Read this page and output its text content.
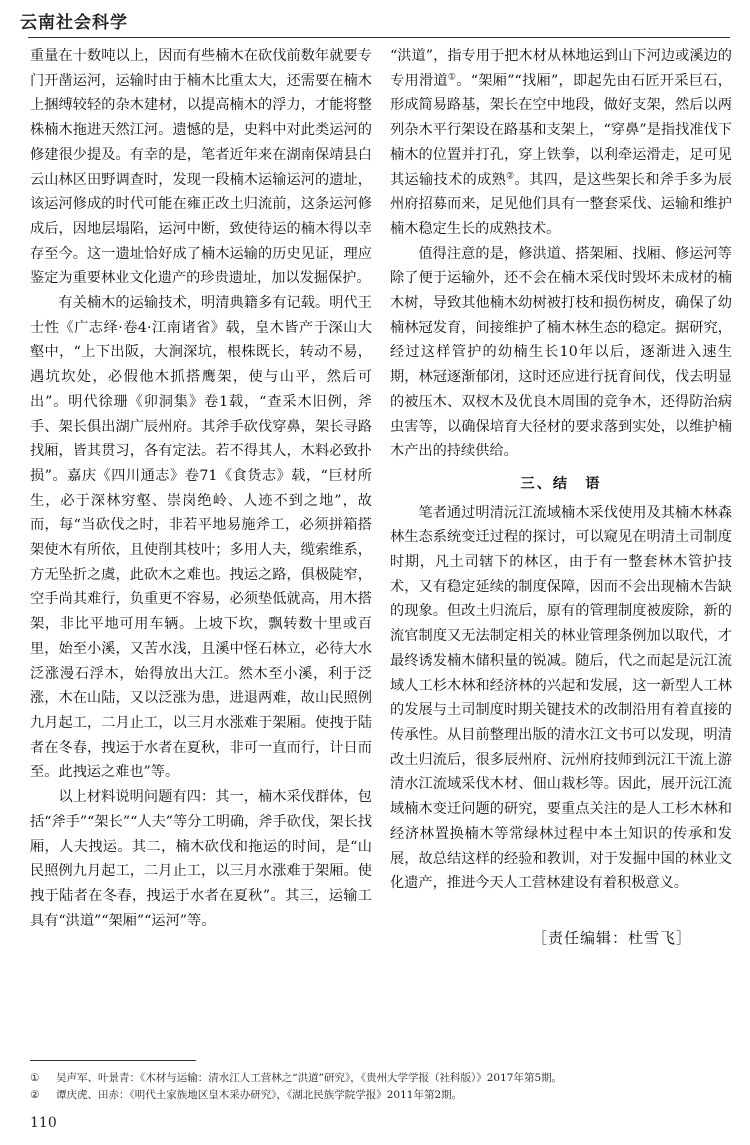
云南社会科学

重量在十数吨以上，因而有些楠木在砍伐前数年就要专门开凿运河，运输时由于楠木比重太大，还需要在楠木上捆缚较轻的杂木建材，以提高楠木的浮力，才能将整株楠木拖进天然江河。遗憾的是，史料中对此类运河的修建很少提及。有幸的是，笔者近年来在湖南保靖县白云山林区田野调查时，发现一段楠木运输运河的遗址，该运河修成的时代可能在雍正改土归流前，这条运河修成后，因地层塌陷，运河中断，致使待运的楠木得以幸存至今。这一遗址恰好成了楠木运输的历史见证，理应鉴定为重要林业文化遗产的珍贵遗址，加以发掘保护。

有关楠木的运输技术，明清典籍多有记载。明代王士性《广志绎·卷4·江南诸省》载，皇木皆产于深山大壑中，“上下出阪，大涧深坑，根株既长，转动不易，遇坑坎处，必假他木抓搭鹰架，使与山平，然后可出”。明代徐珊《卯洞集》卷1载，“查采木旧例，斧手、架长俱出湖广辰州府。其斧手砍伐穿鼻，架长寻路找厢，皆其贯习，各有定法。若不得其人，木料必致扑损”。嘉庆《四川通志》卷71《食货志》载，“巨材所生，必于深林穷壑、崇岗绝岭、人迹不到之地”，故而，每“当砍伐之时，非若平地易施斧工，必须拼箱搭架使木有所依，且使削其枝叶；多用人夫，缆索维系，方无坠折之虞，此砍木之难也。拽运之路，俱极陡窄，空手尚其难行，负重更不容易，必须垫低就高，用木搭架，非比平地可用车辆。上坡下坎，飘转数十里或百里，始至小溪，又苦水浅，且溪中怪石林立，必待大水泛涨漫石浮木，始得放出大江。然木至小溪，利于泛涨，木在山陆，又以泛涨为患，进退两难，故山民照例九月起工，二月止工，以三月水涨难于架厢。使拽于陆者在冬春，拽运于水者在夏秋，非可一直而行，计日而至。此拽运之难也”等。

以上材料说明问题有四：其一，楠木采伐群体，包括“斧手”“架长”“人夫”等分工明确，斧手砍伐，架长找厢，人夫拽运。其二，楠木砍伐和拖运的时间，是“山民照例九月起工，二月止工，以三月水涨难于架厢。使拽于陆者在冬春，拽运于水者在夏秋”。其三，运输工具有“洪道”“架厢”“运河”等。

“洪道”，指专用于把木材从林地运到山下河边或溪边的专用滑道①。“架厢”“找厢”，即起先由石匠开采巨石，形成简易路基，架长在空中地段，做好支架，然后以两列杂木平行架设在路基和支架上，“穿鼻”是指找准伐下楠木的位置并打孔，穿上铁拳，以利牵运滑走，足可见其运输技术的成熟②。其四，是这些架长和斧手多为辰州府招募而来，足见他们具有一整套采伐、运输和维护楠木稳定生长的成熟技术。

值得注意的是，修洪道、搭架厢、找厢、修运河等除了便于运输外，还不会在楠木采伐时毁坏未成材的楠木树，导致其他楠木幼树被打枝和损伤树皮，确保了幼楠林冠发育，间接维护了楠木林生态的稳定。据研究，经过这样管护的幼楠生长10年以后，逐渐进入速生期，林冠逐渐郁闭，这时还应进行抚育间伐，伐去明显的被压木、双杈木及优良木周围的竞争木，还得防治病虫害等，以确保培育大径材的要求落到实处，以维护楠木产出的持续供给。

三、结　语

笔者通过明清沅江流域楠木采伐使用及其楠木林森林生态系统变迁过程的探讨，可以窥见在明清土司制度时期，凡土司辖下的林区，由于有一整套林木管护技术，又有稳定延续的制度保障，因而不会出现楠木告缺的现象。但改土归流后，原有的管理制度被废除，新的流官制度又无法制定相关的林业管理条例加以取代，才最终诱发楠木储积量的锐减。随后，代之而起是沅江流域人工杉木林和经济林的兴起和发展，这一新型人工林的发展与土司制度时期关键技术的改制沿用有着直接的传承性。从目前整理出版的清水江文书可以发现，明清改土归流后，很多辰州府、沅州府技师到沅江干流上游清水江流域采伐木材、佃山栽杉等。因此，展开沅江流域楠木变迁问题的研究，要重点关注的是人工杉木林和经济林置换楠木等常绿林过程中本土知识的传承和发展，故总结这样的经验和教训，对于发掘中国的林业文化遗产，推进今天人工营林建设有着积极意义。

［责任编辑：杜雪飞］
① 吴声军、叶景青：《木材与运输：清水江人工营林之“洪道”研究》，《贵州大学学报（社科版）》2017年第5期。
② 谭庆虎、田赤：《明代土家族地区皇木采办研究》，《湖北民族学院学报》2011年第2期。
110
